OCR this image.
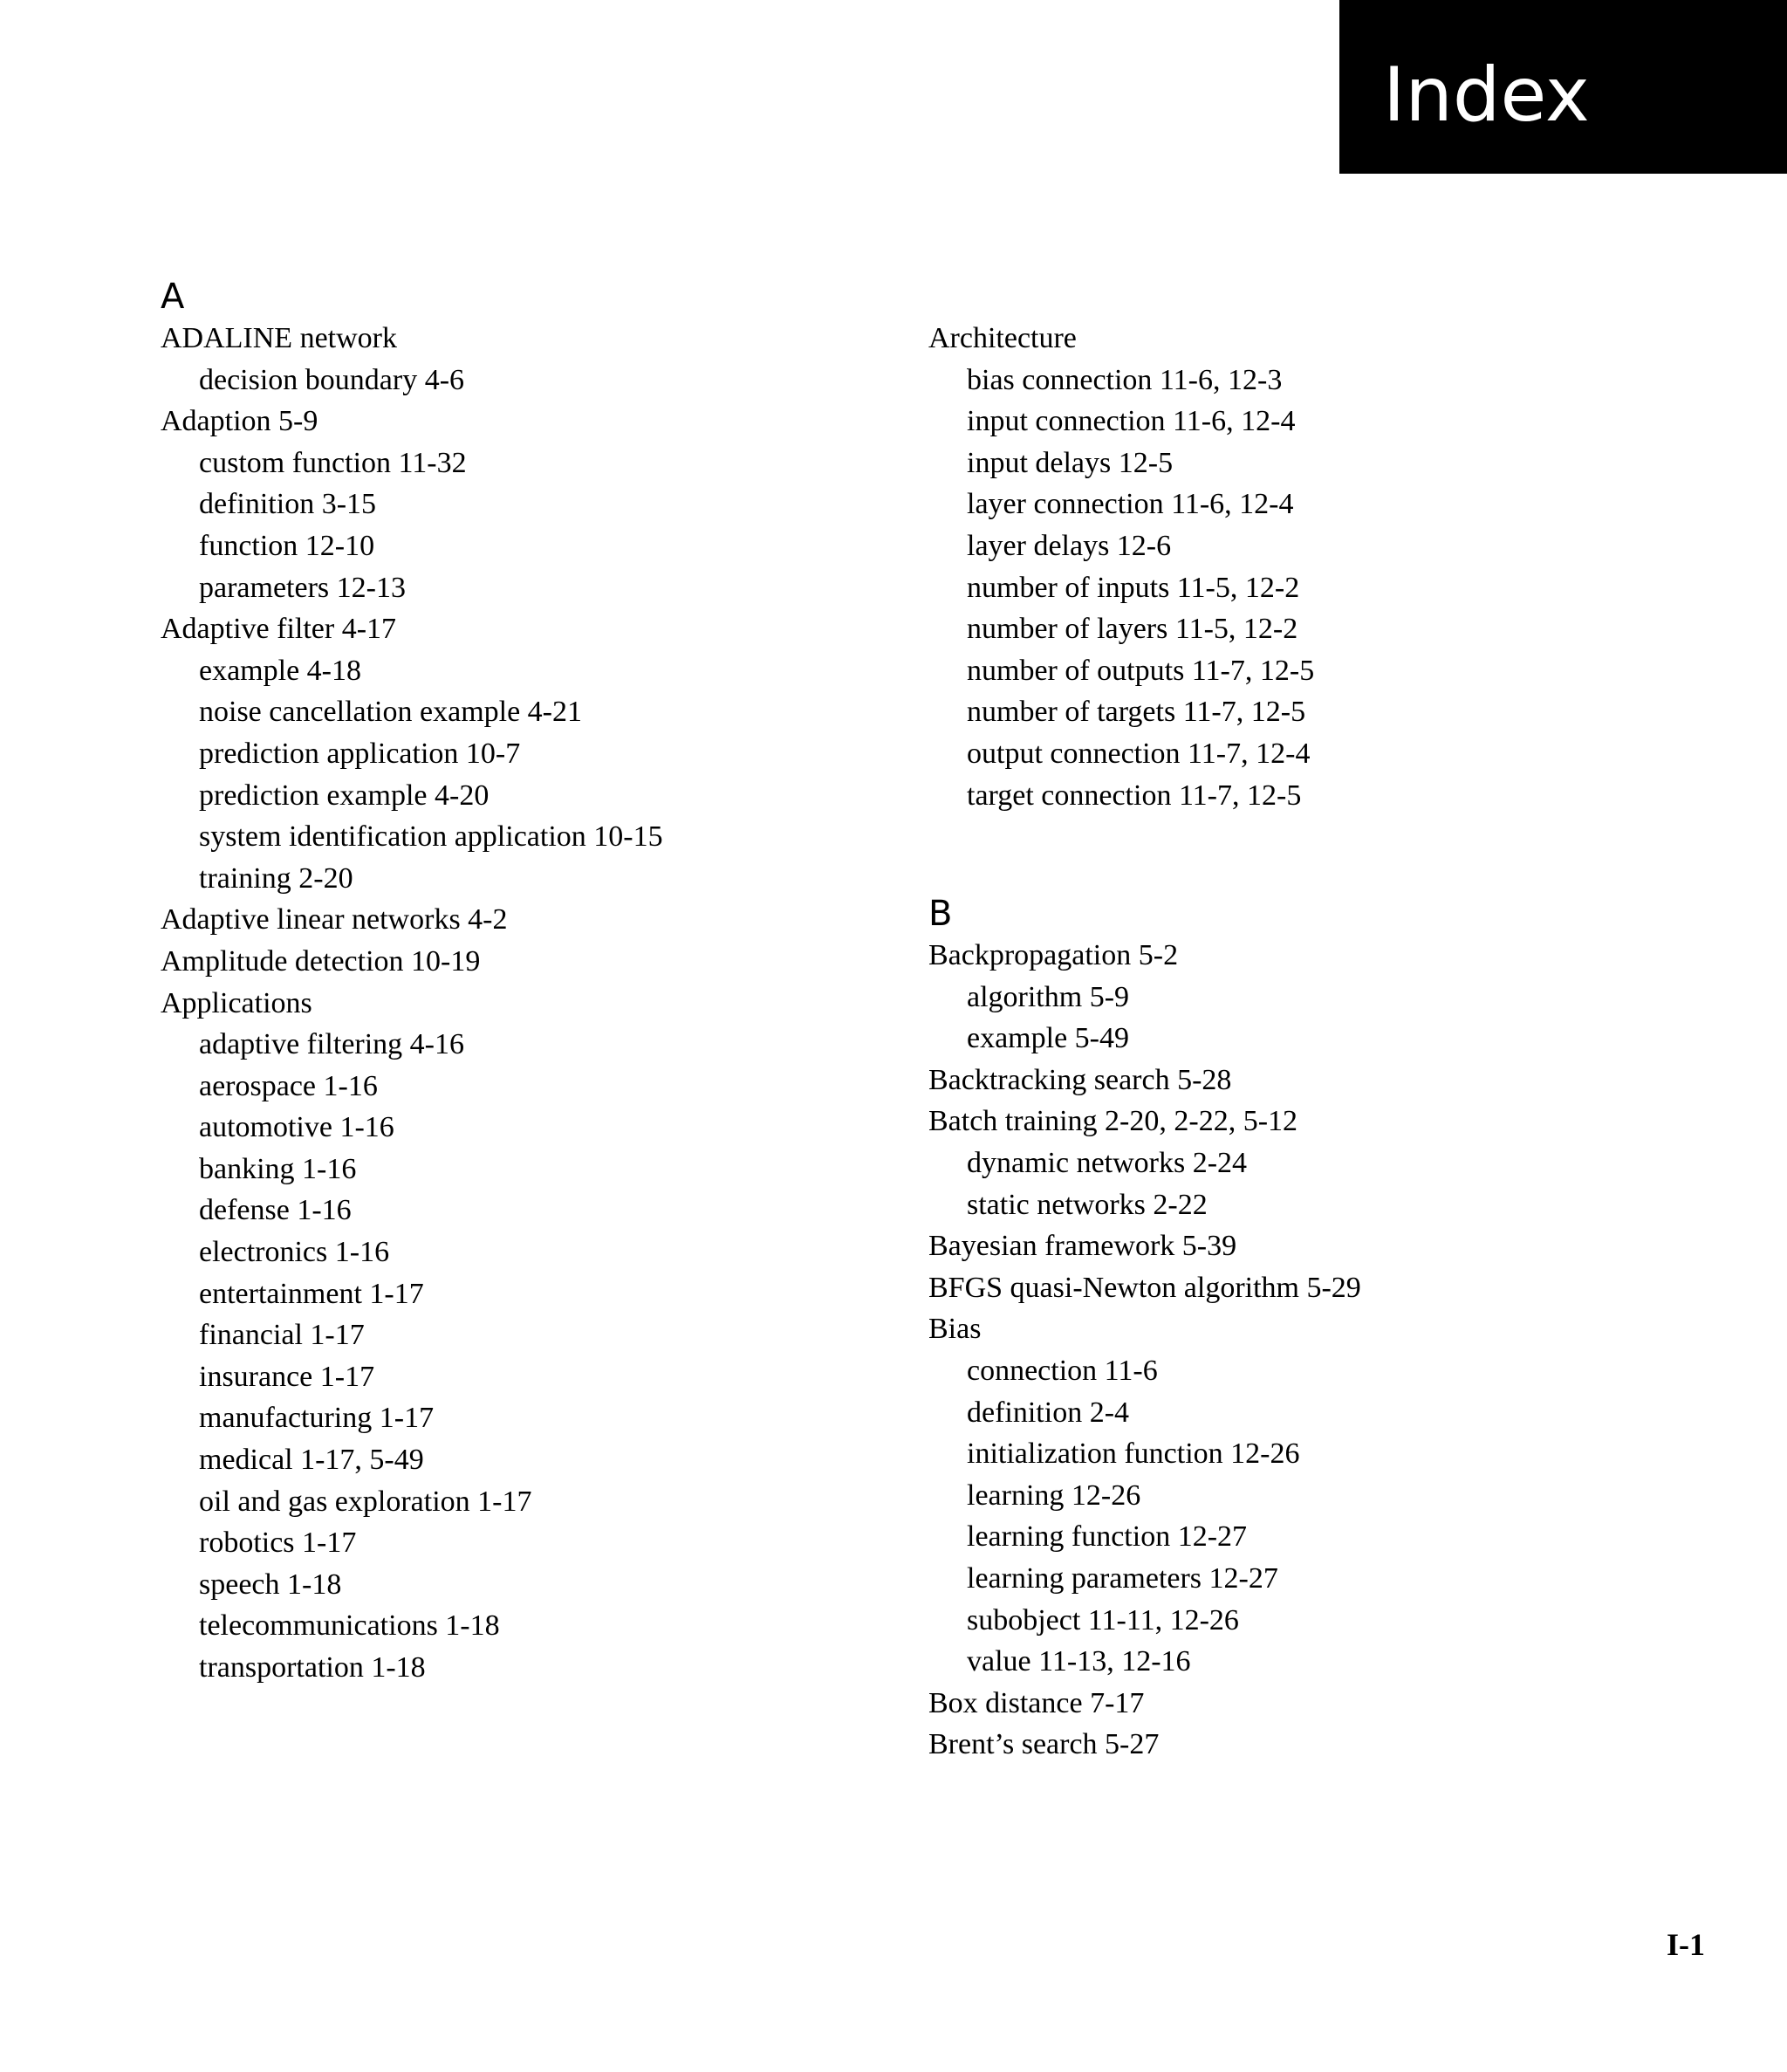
Index
A
ADALINE network
decision boundary 4-6
Adaption 5-9
custom function 11-32
definition 3-15
function 12-10
parameters 12-13
Adaptive filter 4-17
example 4-18
noise cancellation example 4-21
prediction application 10-7
prediction example 4-20
system identification application 10-15
training 2-20
Adaptive linear networks 4-2
Amplitude detection 10-19
Applications
adaptive filtering 4-16
aerospace 1-16
automotive 1-16
banking 1-16
defense 1-16
electronics 1-16
entertainment 1-17
financial 1-17
insurance 1-17
manufacturing 1-17
medical 1-17, 5-49
oil and gas exploration 1-17
robotics 1-17
speech 1-18
telecommunications 1-18
transportation 1-18
Architecture
bias connection 11-6, 12-3
input connection 11-6, 12-4
input delays 12-5
layer connection 11-6, 12-4
layer delays 12-6
number of inputs 11-5, 12-2
number of layers 11-5, 12-2
number of outputs 11-7, 12-5
number of targets 11-7, 12-5
output connection 11-7, 12-4
target connection 11-7, 12-5
B
Backpropagation 5-2
algorithm 5-9
example 5-49
Backtracking search 5-28
Batch training 2-20, 2-22, 5-12
dynamic networks 2-24
static networks 2-22
Bayesian framework 5-39
BFGS quasi-Newton algorithm 5-29
Bias
connection 11-6
definition 2-4
initialization function 12-26
learning 12-26
learning function 12-27
learning parameters 12-27
subobject 11-11, 12-26
value 11-13, 12-16
Box distance 7-17
Brent’s search 5-27
I-1
